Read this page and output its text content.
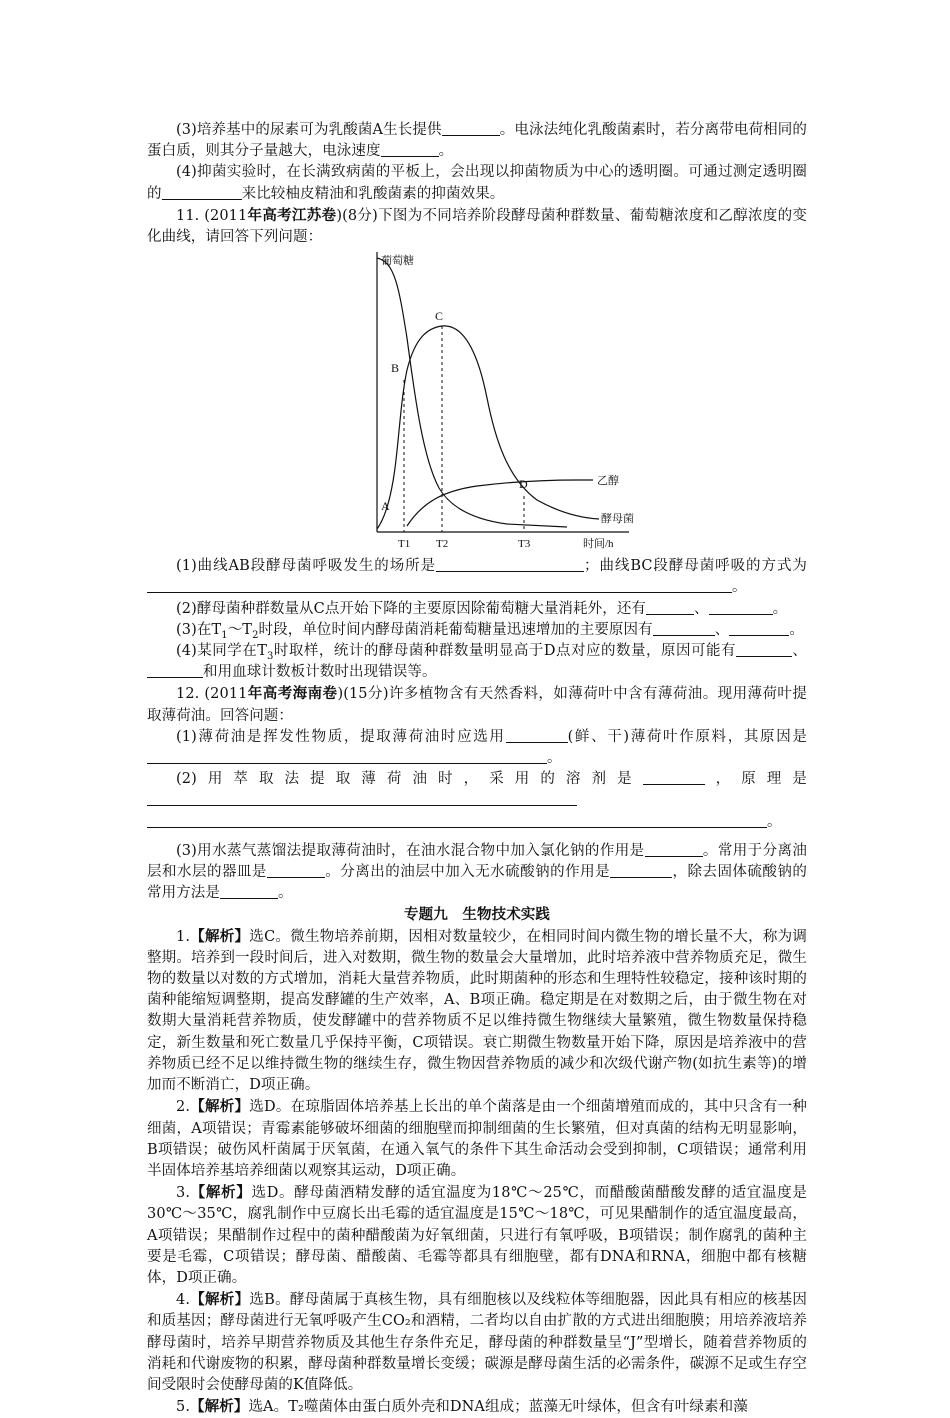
(3)培养基中的尿素可为乳酸菌A生长提供	。电泳法纯化乳酸菌素时，若分离带电荷相同的蛋白质，则其分子量越大，电泳速度	。

(4)抑菌实验时，在长满致病菌的平板上，会出现以抑菌物质为中心的透明圈。可通过测定透明圈的	来比较柚皮精油和乳酸菌素的抑菌效果。

11. (2011年高考江苏卷)(8分)下图为不同培养阶段酵母菌种群数量、葡萄糖浓度和乙醇浓度的变化曲线，请回答下列问题：

葡萄糖
A
B
C
D	乙醇
酵母菌
T1 T2	T3	时间/h

(1)曲线AB段酵母菌呼吸发生的场所是	；曲线BC段酵母菌呼吸的方式为。

(2)酵母菌种群数量从C点开始下降的主要原因除葡萄糖大量消耗外，还有	、	。

(3)在$T_1\sim T_2$时段，单位时间内酵母菌消耗葡萄糖量迅速增加的主要原因有	、	。

(4)某同学在$T_3$时取样，统计的酵母菌种群数量明显高于D点对应的数量，原因可能有	、和用血球计数板计数时出现错误等。

12. (2011年高考海南卷)(15分)许多植物含有天然香料，如薄荷叶中含有薄荷油。现用薄荷叶提取薄荷油。回答问题：

(1)薄荷油是挥发性物质，提取薄荷油时应选用	(鲜、干)薄荷叶作原料，其原因是。

(2)用萃取法提取薄荷油时，采用的溶剂是	，原理是。

(3)用水蒸气蒸馏法提取薄荷油时，在油水混合物中加入氯化钠的作用是	。常用于分离油层和水层的器皿是	。分离出的油层中加入无水硫酸钠的作用是	，除去固体硫酸钠的常用方法是	。

专题九　生物技术实践

1.【解析】选C。微生物培养前期，因相对数量较少，在相同时间内微生物的增长量不大，称为调整期。培养到一段时间后，进入对数期，微生物的数量会大量增加，此时培养液中营养物质充足，微生物的数量以对数的方式增加，消耗大量营养物质，此时期菌种的形态和生理特性较稳定，接种该时期的菌种能缩短调整期，提高发酵罐的生产效率，A、B项正确。稳定期是在对数期之后，由于微生物在对数期大量消耗营养物质，使发酵罐中的营养物质不足以维持微生物继续大量繁殖，微生物数量保持稳定，新生数量和死亡数量几乎保持平衡，C项错误。衰亡期微生物数量开始下降，原因是培养液中的营养物质已经不足以维持微生物的继续生存，微生物因营养物质的减少和次级代谢产物(如抗生素等)的增加而不断消亡，D项正确。

2.【解析】选D。在琼脂固体培养基上长出的单个菌落是由一个细菌增殖而成的，其中只含有一种细菌，A项错误；青霉素能够破坏细菌的细胞壁而抑制细菌的生长繁殖，但对真菌的结构无明显影响，B项错误；破伤风杆菌属于厌氧菌，在通入氧气的条件下其生命活动会受到抑制，C项错误；通常利用半固体培养基培养细菌以观察其运动，D项正确。

3.【解析】选D。酵母菌酒精发酵的适宜温度为18℃～25℃，而醋酸菌醋酸发酵的适宜温度是30℃～35℃，腐乳制作中豆腐长出毛霉的适宜温度是15℃～18℃，可见果醋制作的适宜温度最高，A项错误；果醋制作过程中的菌种醋酸菌为好氧细菌，只进行有氧呼吸，B项错误；制作腐乳的菌种主要是毛霉，C项错误；酵母菌、醋酸菌、毛霉等都具有细胞壁，都有DNA和RNA，细胞中都有核糖体，D项正确。

4.【解析】选B。酵母菌属于真核生物，具有细胞核以及线粒体等细胞器，因此具有相应的核基因和质基因；酵母菌进行无氧呼吸产生CO₂和酒精，二者均以自由扩散的方式进出细胞膜；用培养液培养酵母菌时，培养早期营养物质及其他生存条件充足，酵母菌的种群数量呈“J”型增长，随着营养物质的消耗和代谢废物的积累，酵母菌种群数量增长变缓；碳源是酵母菌生活的必需条件，碳源不足或生存空间受限时会使酵母菌的K值降低。

5.【解析】选A。T₂噬菌体由蛋白质外壳和DNA组成；蓝藻无叶绿体，但含有叶绿素和藻
